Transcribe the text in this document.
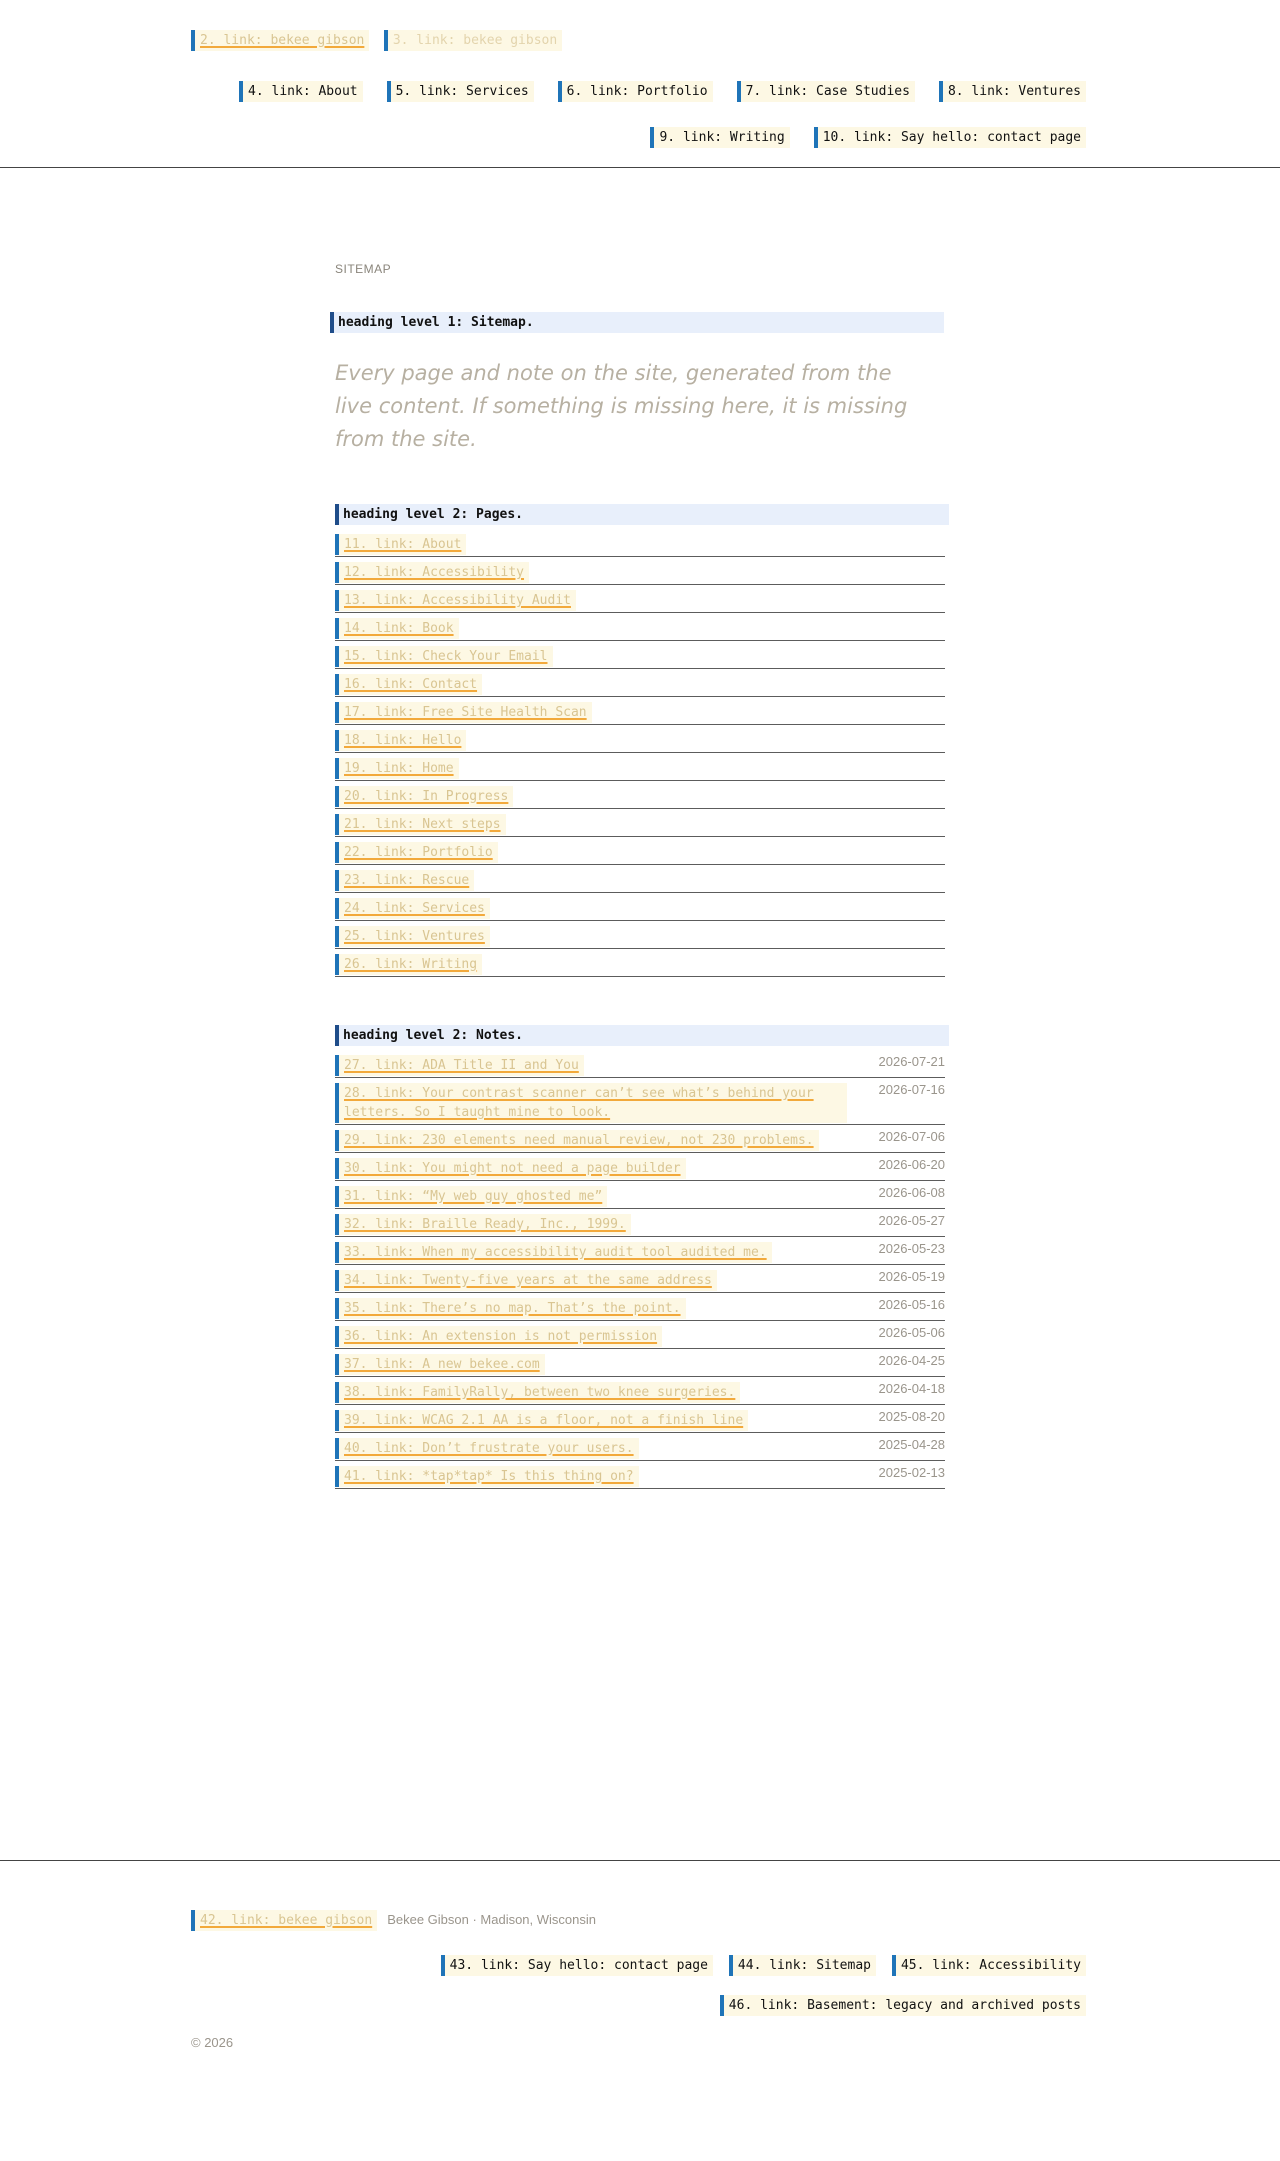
2. link: bekee gibson 3. link: bekee gibson
4. link: About	5. link: Services	6. link: Portfolio	7. link: Case Studies	8. link: Ventures
9. link: Writing	10. link: Say hello: contact page
SITEMAP
heading level 1: Sitemap.

Every page and note on the site, generated from the live content. If something is missing here, it is missing from the site.

heading level 2: Pages.
11. link: About
12. link: Accessibility
13. link: Accessibility Audit
14. link: Book
15. link: Check Your Email
16. link: Contact
17. link: Free Site Health Scan
18. link: Hello
19. link: Home
20. link: In Progress
21. link: Next steps
22. link: Portfolio
23. link: Rescue
24. link: Services
25. link: Ventures
26. link: Writing
heading level 2: Notes.
27. link: ADA Title II and You	2026-07-21
28. link: Your contrast scanner can’t see what’s behind your letters. So I taught mine to look.
2026-07-16
29. link: 230 elements need manual review, not 230 problems.	2026-07-06
30. link: You might not need a page builder	2026-06-20
31. link: “My web guy ghosted me”	2026-06-08
32. link: Braille Ready, Inc., 1999.	2026-05-27
33. link: When my accessibility audit tool audited me.	2026-05-23
34. link: Twenty-five years at the same address	2026-05-19
35. link: There’s no map. That’s the point.	2026-05-16
36. link: An extension is not permission	2026-05-06
37. link: A new bekee.com	2026-04-25
38. link: FamilyRally, between two knee surgeries.	2026-04-18
39. link: WCAG 2.1 AA is a floor, not a finish line	2025-08-20
40. link: Don’t frustrate your users.	2025-04-28
41. link: *tap*tap* Is this thing on?	2025-02-13
42. link: bekee gibson Bekee Gibson · Madison, Wisconsin
43. link: Say hello: contact page 44. link: Sitemap 45. link: Accessibility
46. link: Basement: legacy and archived posts
© 2026
